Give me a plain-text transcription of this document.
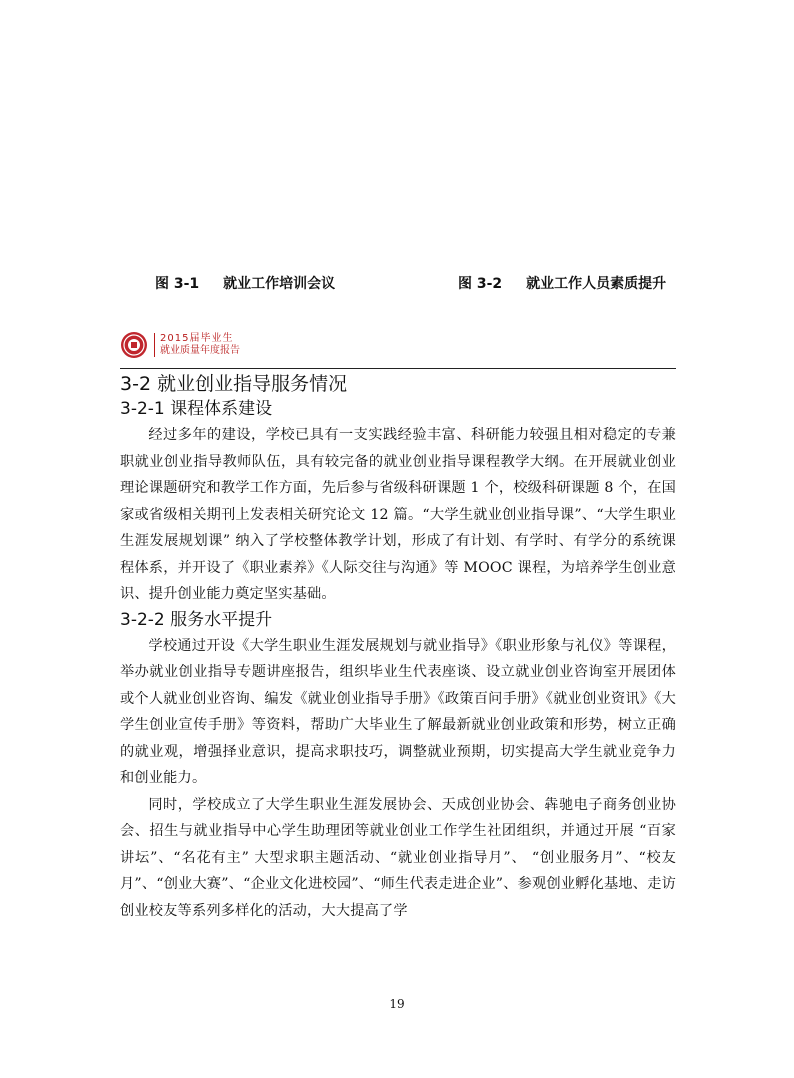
图 3-1 就业工作培训会议	图 3-2 就业工作人员素质提升
2015届毕业生
就业质量年度报告
3-2 就业创业指导服务情况
3-2-1 课程体系建设

经过多年的建设，学校已具有一支实践经验丰富、科研能力较强且相对稳定的专兼职就业创业指导教师队伍，具有较完备的就业创业指导课程教学大纲。在开展就业创业理论课题研究和教学工作方面，先后参与省级科研课题 1 个，校级科研课题 8 个，在国家或省级相关期刊上发表相关研究论文 12 篇。“大学生就业创业指导课”、“大学生职业生涯发展规划课” 纳入了学校整体教学计划，形成了有计划、有学时、有学分的系统课程体系，并开设了《职业素养》《人际交往与沟通》等 MOOC 课程，为培养学生创业意识、提升创业能力奠定坚实基础。

3-2-2 服务水平提升

学校通过开设《大学生职业生涯发展规划与就业指导》《职业形象与礼仪》等课程，举办就业创业指导专题讲座报告，组织毕业生代表座谈、设立就业创业咨询室开展团体或个人就业创业咨询、编发《就业创业指导手册》《政策百问手册》《就业创业资讯》《大学生创业宣传手册》等资料，帮助广大毕业生了解最新就业创业政策和形势，树立正确的就业观，增强择业意识，提高求职技巧，调整就业预期，切实提高大学生就业竞争力和创业能力。

同时，学校成立了大学生职业生涯发展协会、天成创业协会、犇驰电子商务创业协会、招生与就业指导中心学生助理团等就业创业工作学生社团组织，并通过开展 “百家讲坛”、“名花有主” 大型求职主题活动、“就业创业指导月”、 “创业服务月”、“校友月”、“创业大赛”、“企业文化进校园”、“师生代表走进企业”、参观创业孵化基地、走访创业校友等系列多样化的活动，大大提高了学

19
